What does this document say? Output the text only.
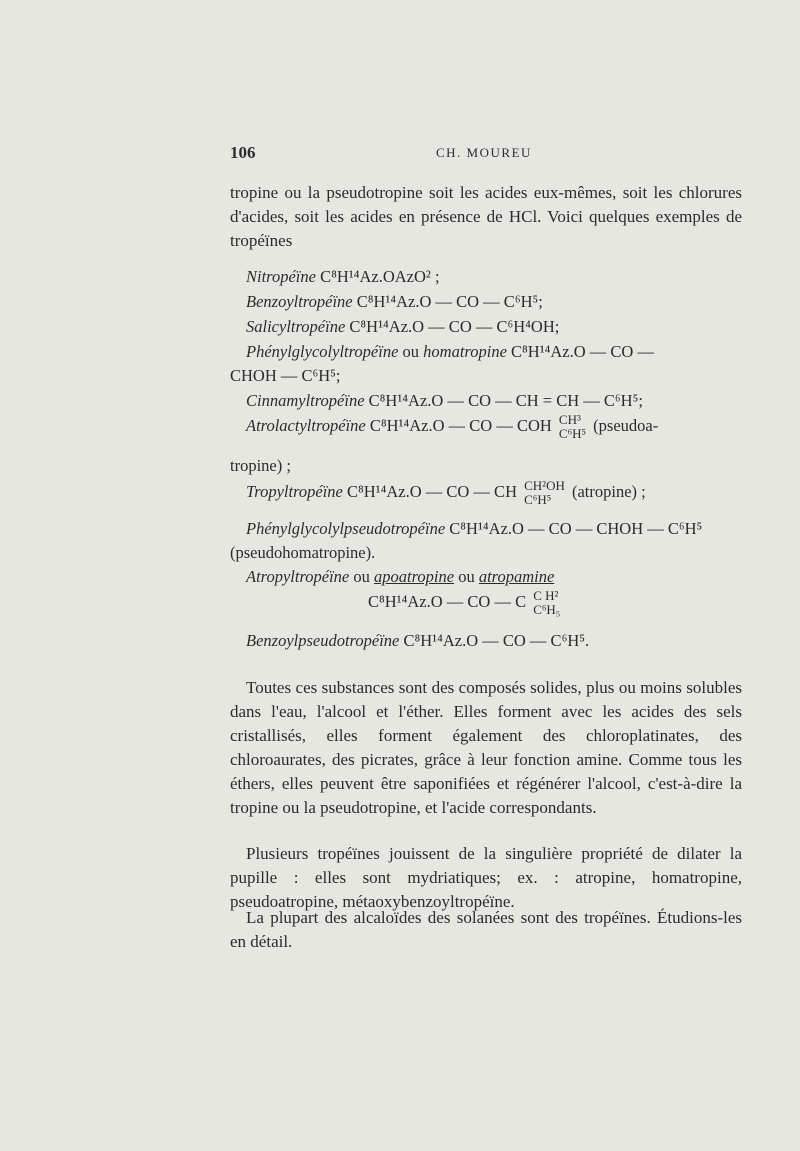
106	CH. MOUREU
tropine ou la pseudotropine soit les acides eux-mêmes, soit les chlorures d'acides, soit les acides en présence de HCl. Voici quelques exemples de tropéïnes
Nitropéïne C⁸H¹⁴Az.OAzO² ;
Benzoyltropéïne C⁸H¹⁴Az.O — CO — C⁶H⁵;
Salicyltropéïne C⁸H¹⁴Az.O — CO — C⁶H⁴OH;
Phénylglycolyltropéïne ou homatropine C⁸H¹⁴Az.O — CO —
CHOH — C⁶H⁵;
Cinnamyltropéïne C⁸H¹⁴Az.O — CO — CH = CH — C⁶H⁵;
Atrolactyltropéïne C⁸H¹⁴Az.O — CO — COH CH³
C⁶H⁵ (pseudoa-
tropine) ;
Tropyltropéïne C⁸H¹⁴Az.O — CO — CH CH²OH
C⁶H⁵ (atropine) ;
Phénylglycolylpseudotropéïne C⁸H¹⁴Az.O — CO — CHOH — C⁶H⁵
(pseudohomatropine).
Atropyltropéïne ou apoatropine ou atropamine
C⁸H¹⁴Az.O — CO — C C H²
C⁶H₅
Benzoylpseudotropéïne C⁸H¹⁴Az.O — CO — C⁶H⁵.
Toutes ces substances sont des composés solides, plus ou moins solubles dans l'eau, l'alcool et l'éther. Elles forment avec les acides des sels cristallisés, elles forment également des chloroplatinates, des chloroaurates, des picrates, grâce à leur fonction amine. Comme tous les éthers, elles peuvent être saponifiées et régénérer l'alcool, c'est-à-dire la tropine ou la pseudotropine, et l'acide correspondants.
Plusieurs tropéïnes jouissent de la singulière propriété de dilater la pupille : elles sont mydriatiques; ex. : atropine, homatropine, pseudoatropine, métaoxybenzoyltropéïne.
La plupart des alcaloïdes des solanées sont des tropéïnes. Étudions-les en détail.
